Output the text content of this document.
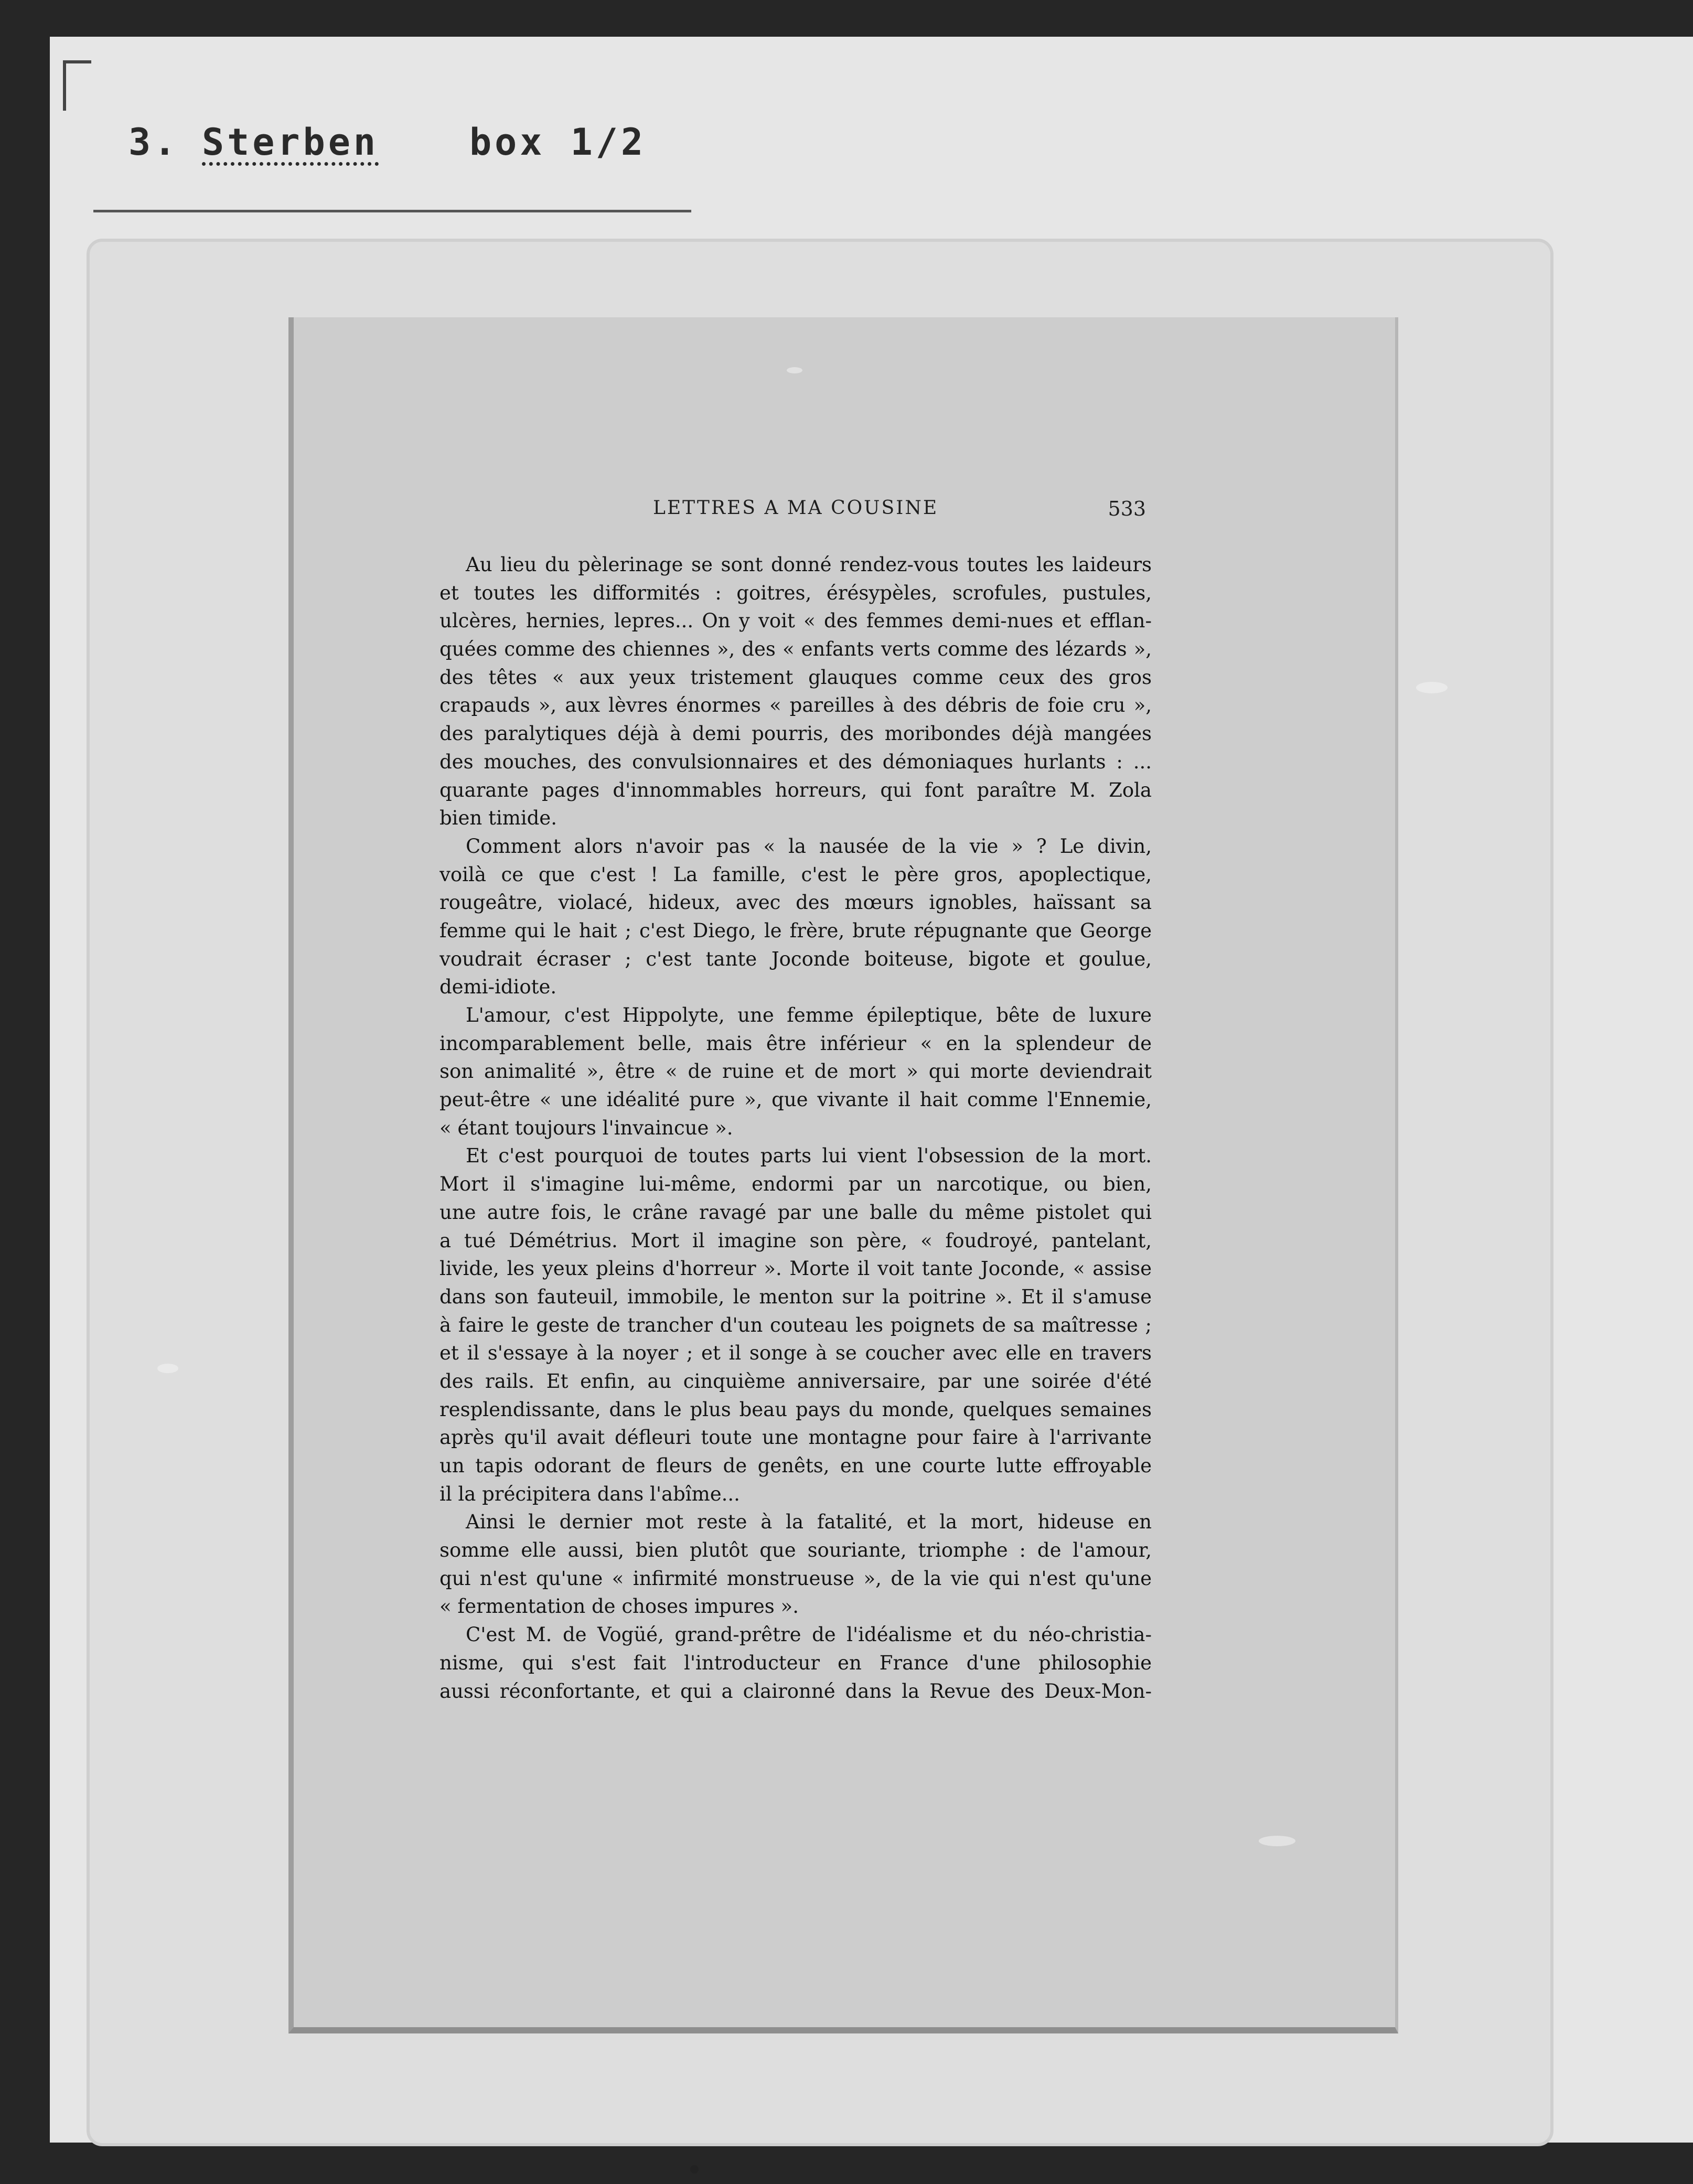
3. Sterben box 1/2
LETTRES A MA COUSINE	533
Au lieu du pèlerinage se sont donné rendez-vous toutes les laideurs
et toutes les difformités : goitres, érésypèles, scrofules, pustules,
ulcères, hernies, lepres... On y voit « des femmes demi-nues et efflan-
quées comme des chiennes », des « enfants verts comme des lézards »,
des têtes « aux yeux tristement glauques comme ceux des gros
crapauds », aux lèvres énormes « pareilles à des débris de foie cru »,
des paralytiques déjà à demi pourris, des moribondes déjà mangées
des mouches, des convulsionnaires et des démoniaques hurlants : ...
quarante pages d'innommables horreurs, qui font paraître M. Zola
bien timide.
Comment alors n'avoir pas « la nausée de la vie » ? Le divin,
voilà ce que c'est ! La famille, c'est le père gros, apoplectique,
rougeâtre, violacé, hideux, avec des mœurs ignobles, haïssant sa
femme qui le hait ; c'est Diego, le frère, brute répugnante que George
voudrait écraser ; c'est tante Joconde boiteuse, bigote et goulue,
demi-idiote.
L'amour, c'est Hippolyte, une femme épileptique, bête de luxure
incomparablement belle, mais être inférieur « en la splendeur de
son animalité », être « de ruine et de mort » qui morte deviendrait
peut-être « une idéalité pure », que vivante il hait comme l'Ennemie,
« étant toujours l'invaincue ».
Et c'est pourquoi de toutes parts lui vient l'obsession de la mort.
Mort il s'imagine lui-même, endormi par un narcotique, ou bien,
une autre fois, le crâne ravagé par une balle du même pistolet qui
a tué Démétrius. Mort il imagine son père, « foudroyé, pantelant,
livide, les yeux pleins d'horreur ». Morte il voit tante Joconde, « assise
dans son fauteuil, immobile, le menton sur la poitrine ». Et il s'amuse
à faire le geste de trancher d'un couteau les poignets de sa maîtresse ;
et il s'essaye à la noyer ; et il songe à se coucher avec elle en travers
des rails. Et enfin, au cinquième anniversaire, par une soirée d'été
resplendissante, dans le plus beau pays du monde, quelques semaines
après qu'il avait défleuri toute une montagne pour faire à l'arrivante
un tapis odorant de fleurs de genêts, en une courte lutte effroyable
il la précipitera dans l'abîme...
Ainsi le dernier mot reste à la fatalité, et la mort, hideuse en
somme elle aussi, bien plutôt que souriante, triomphe : de l'amour,
qui n'est qu'une « infirmité monstrueuse », de la vie qui n'est qu'une
« fermentation de choses impures ».
C'est M. de Vogüé, grand-prêtre de l'idéalisme et du néo-christia-
nisme, qui s'est fait l'introducteur en France d'une philosophie
aussi réconfortante, et qui a claironné dans la Revue des Deux-Mon-
